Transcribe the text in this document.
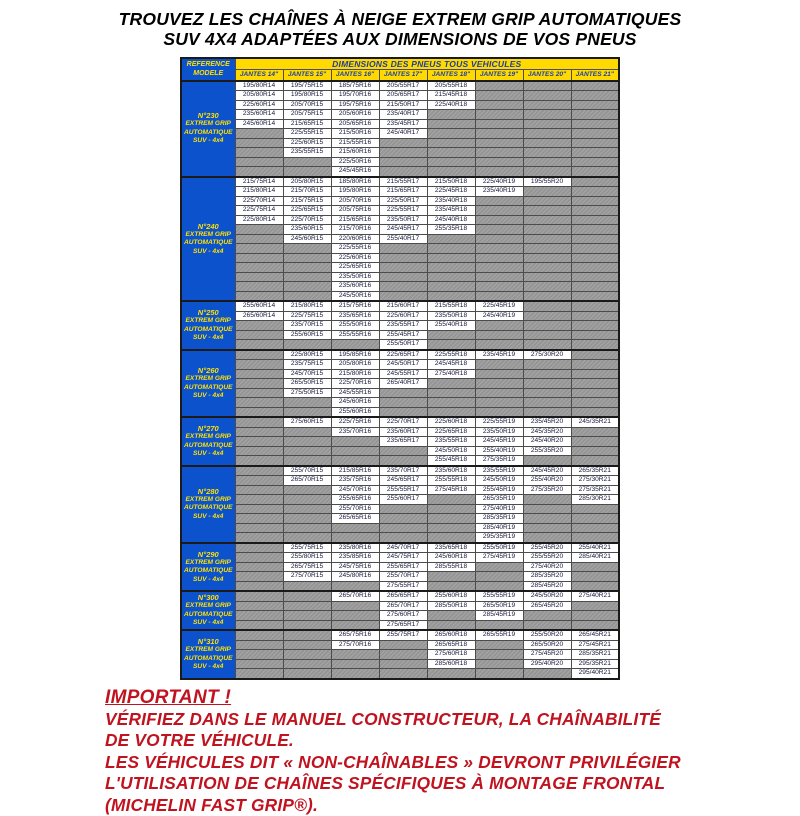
TROUVEZ LES CHAÎNES À NEIGE EXTREM GRIP AUTOMATIQUES
SUV 4X4 ADAPTÉES AUX DIMENSIONS DE VOS PNEUS
REFERENCE
MODELE	DIMENSIONS DES PNEUS TOUS VEHICULES							
	JANTES 14"	JANTES 15"	JANTES 16"	JANTES 17"	JANTES 18"	JANTES 19"	JANTES 20"	JANTES 21"

N°230
EXTREM GRIP
AUTOMATIQUE
SUV - 4x4	195/80R14	195/75R15	185/75R16	205/55R17	205/55R18			
	205/80R14	195/80R15	195/70R16	205/65R17	215/45R18			
	225/60R14	205/70R15	195/75R16	215/50R17	225/40R18			
	235/60R14	205/75R15	205/60R16	235/40R17				
	245/60R14	215/65R15	205/65R16	235/45R17				
		225/55R15	215/50R16	245/40R17				
		225/60R15	215/55R16					
		235/55R15	215/60R16					
			225/50R16					
			245/45R16					

N°240
EXTREM GRIP
AUTOMATIQUE
SUV - 4x4	215/75R14	205/80R15	185/80R16	215/55R17	215/50R18	225/40R19	195/55R20	
	215/80R14	215/70R15	195/80R16	215/65R17	225/45R18	235/40R19		
	225/70R14	215/75R15	205/70R16	225/50R17	235/40R18			
	225/75R14	225/65R15	205/75R16	225/55R17	235/45R18			
	225/80R14	225/70R15	215/65R16	235/50R17	245/40R18			
		235/60R15	215/70R16	245/45R17	255/35R18			
		245/60R15	220/60R16	255/40R17				
			225/55R16					
			225/60R16					
			225/65R16					
			235/50R16					
			235/60R16					
			245/50R16					

N°250
EXTREM GRIP
AUTOMATIQUE
SUV - 4x4	255/60R14	215/80R15	215/75R16	215/60R17	215/55R18	225/45R19		
	265/60R14	225/75R15	235/65R16	225/60R17	235/50R18	245/40R19		
		235/70R15	255/50R16	235/55R17	255/40R18			
		255/60R15	255/55R16	255/45R17				
				255/50R17				

N°260
EXTREM GRIP
AUTOMATIQUE
SUV - 4x4		225/80R15	195/85R16	225/65R17	225/55R18	235/45R19	275/30R20	
		235/75R15	205/80R16	245/50R17	245/45R18			
		245/70R15	215/80R16	245/55R17	275/40R18			
		265/50R15	225/70R16	265/40R17				
		275/50R15	245/55R16					
			245/60R16					
			255/60R16					

N°270
EXTREM GRIP
AUTOMATIQUE
SUV - 4x4		275/60R15	225/75R16	225/70R17	225/60R18	225/55R19	235/45R20	245/35R21
			235/70R16	235/60R17	225/65R18	235/50R19	245/35R20	
				235/65R17	235/55R18	245/45R19	245/40R20	
					245/50R18	255/40R19	255/35R20	
					255/45R18	275/35R19		

N°280
EXTREM GRIP
AUTOMATIQUE
SUV - 4x4		255/70R15	215/85R16	235/70R17	235/60R18	235/55R19	245/45R20	265/35R21
		265/70R15	235/75R16	245/65R17	255/55R18	245/50R19	255/40R20	275/30R21
			245/70R16	255/55R17	275/45R18	255/45R19	275/35R20	275/35R21
			255/65R16	255/60R17		265/35R19		285/30R21
			255/70R16			275/40R19		
			265/65R16			285/35R19		
						285/40R19		
						295/35R19		

N°290
EXTREM GRIP
AUTOMATIQUE
SUV - 4x4		255/75R15	235/80R16	245/70R17	235/65R18	255/50R19	255/45R20	255/40R21
		255/80R15	235/85R16	245/75R17	245/60R18	275/45R19	255/55R20	285/40R21
		265/75R15	245/75R16	255/65R17	285/55R18		275/40R20	
		275/70R15	245/80R16	255/70R17			285/35R20	
				275/55R17			285/45R20	

N°300
EXTREM GRIP
AUTOMATIQUE
SUV - 4x4			265/70R16	265/65R17	255/60R18	255/55R19	245/50R20	275/40R21
				265/70R17	285/50R18	265/50R19	265/45R20	
				275/60R17		285/45R19		
				275/65R17				

N°310
EXTREM GRIP
AUTOMATIQUE
SUV - 4x4			265/75R16	255/75R17	265/60R18	265/55R19	255/50R20	265/45R21
			275/70R16		265/65R18		265/50R20	275/45R21
					275/60R18		275/45R20	285/35R21
					285/60R18		295/40R20	295/35R21
								295/40R21
IMPORTANT !
VÉRIFIEZ DANS LE MANUEL CONSTRUCTEUR, LA CHAÎNABILITÉ
DE VOTRE VÉHICULE.
LES VÉHICULES DIT « NON-CHAÎNABLES » DEVRONT PRIVILÉGIER
L'UTILISATION DE CHAÎNES SPÉCIFIQUES À MONTAGE FRONTAL
(MICHELIN FAST GRIP®).
